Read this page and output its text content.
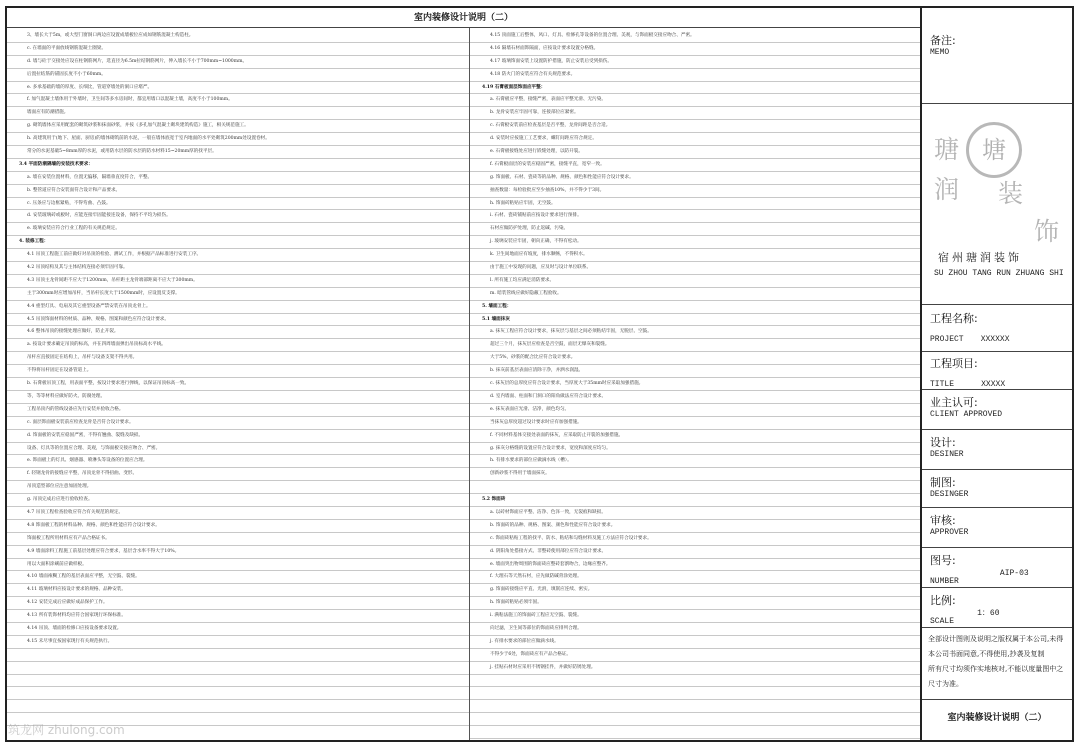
室内装修设计说明（二）
3、墙长大于5m，或大型门窗洞口两边应设置成墙板位应成如钢筋混凝土构造柱。
c. 在墙面的平面放线钢筋混凝土圈梁。
d. 墙与砼于交接处应设在柱钢筋网片，选直径为6.5m拉结钢筋网片，伸入墙长不小于700mm~1000mm。
后置拉结筋的锚固长度不小于60mm。
e. 多承基础的墙的厚度、长细比，管道穿墙处的洞口应堵严。
f. 加气混凝土墙体用于外墙时，卫生间等多水房间时，都宜用墙口以混凝土墙，高度不小于100mm。
墙面应有防潮措施。
g. 砌筑墙体应采用配套的砌筑砂浆和抹面砂浆，并按《多孔加气混凝土砌块建筑构造》施工，相关规范施工。
h. 高建筑用于(地下、屋面、厨房)的墙体砌筑前的水泥，一般在墙体底宽于室内地面的水平处砌筑200mm处设置卷材。
常分的水泥基础5~8mm厚的水泥，或用防水层的防水层的防水材料15~20mm厚的找平层。
3.4 平面防潮隔墙的安装技术要求：
a. 墙在安装位置材料，位置无偏移，隔墙垂直度符合，平整。
b. 整管道应符合安装面符合设计和产品要求。
c. 压条应与边框紧贴，不得弯曲、凸鼓。
d. 安装玻璃砖或板时，应能连接牢固能接连设备，保持不平均为损伤。
e. 玻璃安装应符合行业工程的有关规范规定。
4. 装修工程：
4.1 吊顶工程施工前应做好对吊顶的检验、测试工作，并根据产品标准进行安装工序。
4.2 吊顶结构及其与主体结构连接必须牢固可靠。
4.3 吊顶主龙骨间距不应大于1200mm，吊杆距主龙骨端部距离不应大于300mm。
主于300mm时应增加吊杆，当吊杆长度大于1500mm时，应设置反支撑。
4.4 重型灯具、电扇及其它重型设备严禁安装在吊顶龙骨上。
4.5 吊顶饰面材料的材质、品种、规格、图案和颜色应符合设计要求。
4.6 整体吊顶的接缝处理应做好，防止开裂。
a. 按设计要求确定吊顶的标高，并在四周墙面弹出吊顶标高水平线。
吊杆应直接固定在结构上，吊杆与设备支架不得共用。
不得将吊杆固定在设备管道上。
b. 石膏板吊顶工程，用表面平整，按设计要求进行弹线，以保证吊顶标高一致。
等，等等材料应做好防火、防腐处理。
工程吊顶内的管线设备应先行安装并验收合格。
c. 面层饰面板安装前应检查龙骨是否符合设计要求。
d. 饰面板的安装应稳固严密，不得有翘曲、裂缝及缺损。
设备、灯具等的位置应合理、美观，与饰面板交接应吻合、严密。
e. 饰面板上的灯具、烟感器、喷淋头等设备的位置应合理。
f. 轻钢龙骨的接缝应平整，吊顶龙骨不得扭曲、变形。
吊顶造型部位应注意加固处理。
g. 吊顶完成后应进行验收检查。
4.7 吊顶工程检查验收应符合有关规范的规定。
4.8 饰面板工程的材料品种、规格、颜色和性能应符合设计要求。
饰面板工程所用材料应有产品合格证书。
4.9 墙面涂料工程施工前基层处理应符合要求，基层含水率不得大于10%。
用以大面积涂刷前应做样板。
4.10 墙面裱糊工程的基层表面应平整，无空鼓、裂缝。
4.11 玻璃材料应按设计要求的规格、品种安装。
4.12 安装完成后应做好成品保护工作。
4.13 所有装饰材料均应符合国家现行环保标准。
4.14 吊顶、墙面的检修口应按设备要求设置。
4.15 未尽事宜按国家现行有关规范执行。
4.15 顶面施工后整体，风口、灯具、检修孔等设备的位置合理、美观，与饰面板交接应吻合、严密。
4.16 隔墙石材面饰隔面，应按设计要求设置分格缝。
4.17 玻璃饰面安装上设置防护措施，防止安装后受到损伤。
4.18 防火门的安装应符合有关规范要求。
4.19 石膏板面层饰面应平整：
a. 石膏板应平整，接缝严密，表面应平整光滑、无污染。
b. 龙骨安装应牢固可靠，连接部位应紧密。
c. 石膏板安装前应检查基层是否平整，龙骨间距是否合适。
d. 安装时应按施工工艺要求，螺钉间距应符合规定。
e. 石膏板接缝处应进行嵌缝处理，以防开裂。
f. 石膏板面层的安装应稳固严密，接缝平直，宽窄一致。
g. 饰面板、石材、瓷砖等的品种、规格、颜色和性能应符合设计要求。
抽查数量：每检验批应至少抽查10%，并不得少于3间。
h. 饰面砖粘贴应牢固，无空鼓。
i. 石材、瓷砖铺贴前应按设计要求进行预排。
石材应做防护处理，防止返碱、污染。
j. 玻璃安装应牢固，朝向正确，不得有松动。
k. 卫生间地面应有坡度，排水顺畅，不得积水。
由于施工中发现的问题，应及时与设计单位联系。
l. 所有施工均应满足消防要求。
m. 暗装管线应做好隐蔽工程验收。
5. 墙面工程：
5.1 墙面抹灰
a. 抹灰工程应符合设计要求，抹灰层与基层之间必须粘结牢固，无脱层、空鼓。
超过三个月，抹灰层应检查是否空鼓，面层无爆灰和裂缝。
大于5%，砂浆的配合比应符合设计要求。
b. 抹灰前基层表面应清除干净，并洒水润湿。
c. 抹灰层的总厚度应符合设计要求，当厚度大于35mm时应采取加强措施。
d. 室内墙面、柱面和门洞口的阳角做法应符合设计要求。
e. 抹灰表面应光滑、洁净，颜色均匀。
当抹灰总厚度超过设计要求时应有加强措施。
f. 不同材料基体交接处表面的抹灰，应采取防止开裂的加强措施。
g. 抹灰分格缝的设置应符合设计要求，宽度和深度应均匀。
h. 有排水要求的部位应做滴水线（槽）。
创新砂浆不得用于墙面抹灰。
5.2 饰面砖
a. 以砖材饰面应平整、洁净、色泽一致，无裂痕和缺损。
b. 饰面砖的品种、规格、图案、颜色和性能应符合设计要求。
c. 饰面砖粘贴工程的找平、防水、粘结和勾缝材料及施工方法应符合设计要求。
d. 阴阳角处搭接方式、非整砖使用部位应符合设计要求。
e. 墙面突出物周围的饰面砖应整砖套割吻合，边缘应整齐。
f. 大理石等天然石材，应先做防碱背涂处理。
g. 饰面砖接缝应平直、光滑，填嵌应连续、密实。
h. 饰面砖粘贴必须牢固。
i. 满粘法施工的饰面砖工程应无空鼓、裂缝。
向过滤，卫生间等部位的饰面砖应排列合理。
j. 有排水要求的部位应做滴水线。
不得少于6处，饰面砖应有产品合格证。
j. 挂贴石材时应采用不锈钢挂件，并做好防锈处理。
备注:
MEMO
瑭
润 装
饰
塘
宿州瑭润装饰
SU ZHOU TANG RUN ZHUANG SHI
工程名称:
PROJECT XXXXXX
工程项目:
TITLE	XXXXX
业主认可:
CLIENT APPROVED
设计:
DESINER
制图:
DESINGER
审核:
APPROVER
图号:
NUMBER $^{AIP-03}$
比例:
SCALE $^{1:60}$
全部设计图则及说明之版权属于本公司,未得本公司书面同意,不得使用,抄袭及复制
所有尺寸均须作实地核对,不能以度量图中之尺寸为准。
室内装修设计说明（二）
筑龙网 zhulong.com
